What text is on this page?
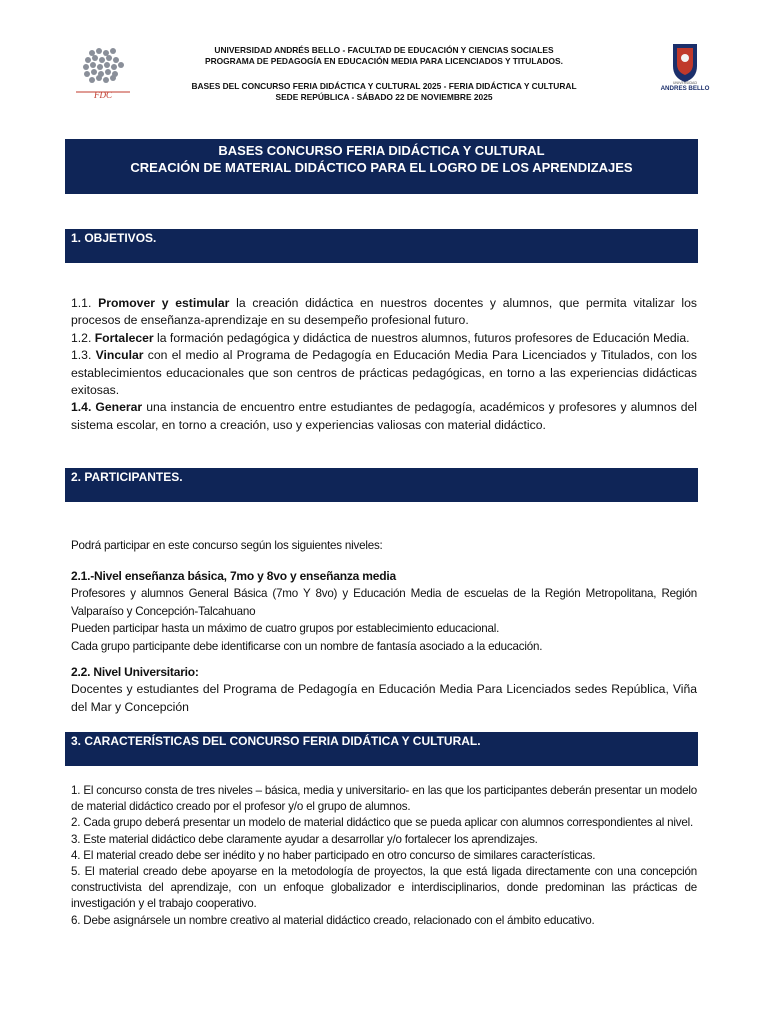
FDC
UNIVERSIDAD
ANDRES BELLO
UNIVERSIDAD ANDRÉS BELLO - FACULTAD DE EDUCACIÓN Y CIENCIAS SOCIALES
PROGRAMA DE PEDAGOGÍA EN EDUCACIÓN MEDIA PARA LICENCIADOS Y TITULADOS.
BASES DEL CONCURSO FERIA DIDÁCTICA Y CULTURAL 2025 - FERIA DIDÁCTICA Y CULTURAL
SEDE REPÚBLICA - SÁBADO 22 DE NOVIEMBRE 2025
BASES CONCURSO FERIA DIDÁCTICA Y CULTURAL
CREACIÓN DE MATERIAL DIDÁCTICO PARA EL LOGRO DE LOS APRENDIZAJES
1. OBJETIVOS.

1.1. Promover y estimular la creación didáctica en nuestros docentes y alumnos, que permita vitalizar los procesos de enseñanza-aprendizaje en su desempeño profesional futuro.

1.2. Fortalecer la formación pedagógica y didáctica de nuestros alumnos, futuros profesores de Educación Media.

1.3. Vincular con el medio al Programa de Pedagogía en Educación Media Para Licenciados y Titulados, con los establecimientos educacionales que son centros de prácticas pedagógicas, en torno a las experiencias didácticas exitosas.

1.4. Generar una instancia de encuentro entre estudiantes de pedagogía, académicos y profesores y alumnos del sistema escolar, en torno a creación, uso y experiencias valiosas con material didáctico.

2. PARTICIPANTES.
Podrá participar en este concurso según los siguientes niveles:

2.1.-Nivel enseñanza básica, 7mo y 8vo y enseñanza media

Profesores y alumnos General Básica (7mo Y 8vo) y Educación Media de escuelas de la Región Metropolitana, Región Valparaíso y Concepción-Talcahuano

Pueden participar hasta un máximo de cuatro grupos por establecimiento educacional.

Cada grupo participante debe identificarse con un nombre de fantasía asociado a la educación.

2.2. Nivel Universitario:

Docentes y estudiantes del Programa de Pedagogía en Educación Media Para Licenciados sedes República, Viña del Mar y Concepción

3. CARACTERÍSTICAS DEL CONCURSO FERIA DIDÁTICA Y CULTURAL.

1. El concurso consta de tres niveles – básica, media y universitario- en las que los participantes deberán presentar un modelo de material didáctico creado por el profesor y/o el grupo de alumnos.

2. Cada grupo deberá presentar un modelo de material didáctico que se pueda aplicar con alumnos correspondientes al nivel.

3. Este material didáctico debe claramente ayudar a desarrollar y/o fortalecer los aprendizajes.

4. El material creado debe ser inédito y no haber participado en otro concurso de similares características.

5. El material creado debe apoyarse en la metodología de proyectos, la que está ligada directamente con una concepción constructivista del aprendizaje, con un enfoque globalizador e interdisciplinarios, donde predominan las prácticas de investigación y el trabajo cooperativo.

6. Debe asignársele un nombre creativo al material didáctico creado, relacionado con el ámbito educativo.
